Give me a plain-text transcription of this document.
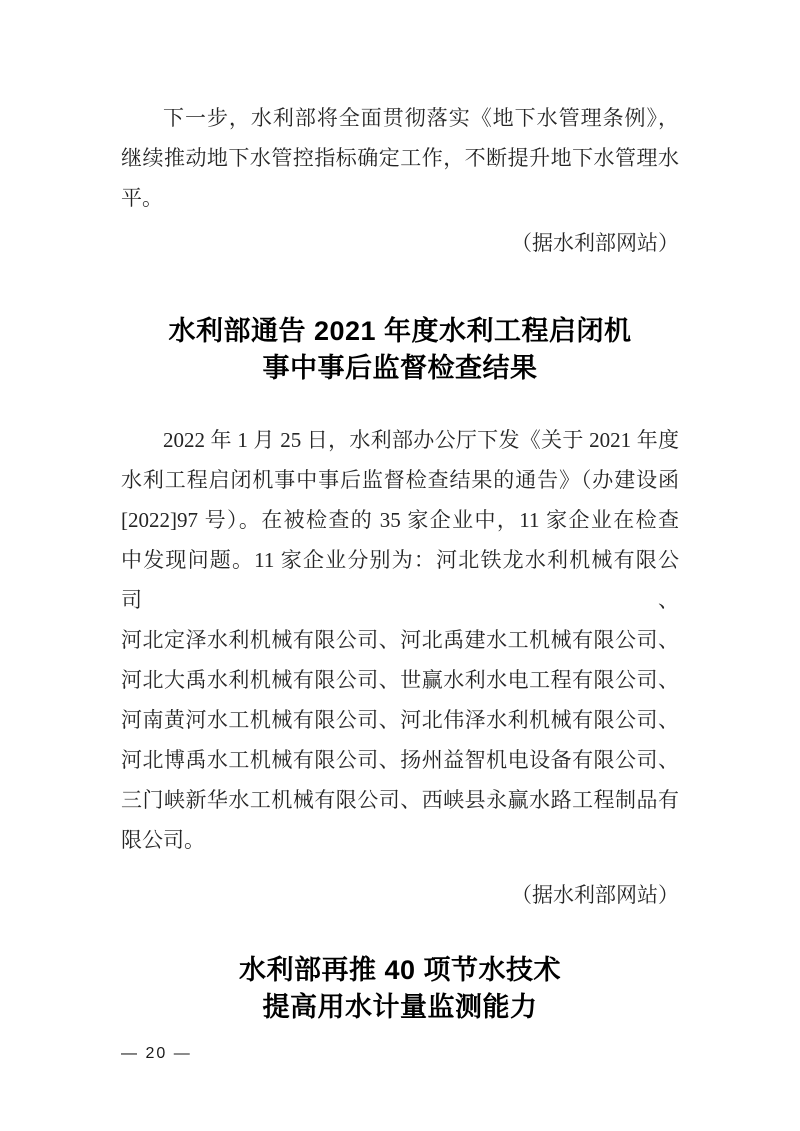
下一步，水利部将全面贯彻落实《地下水管理条例》，
继续推动地下水管控指标确定工作，不断提升地下水管理水
平。
（据水利部网站）
水利部通告 2021 年度水利工程启闭机
事中事后监督检查结果
2022 年 1 月 25 日，水利部办公厅下发《关于 2021 年度
水利工程启闭机事中事后监督检查结果的通告》（办建设函
[2022]97 号）。在被检查的 35 家企业中，11 家企业在检查
中发现问题。11 家企业分别为：河北铁龙水利机械有限公司、
河北定泽水利机械有限公司、河北禹建水工机械有限公司、
河北大禹水利机械有限公司、世赢水利水电工程有限公司、
河南黄河水工机械有限公司、河北伟泽水利机械有限公司、
河北博禹水工机械有限公司、扬州益智机电设备有限公司、
三门峡新华水工机械有限公司、西峡县永赢水路工程制品有
限公司。
（据水利部网站）
水利部再推 40 项节水技术
提高用水计量监测能力
— 20 —
